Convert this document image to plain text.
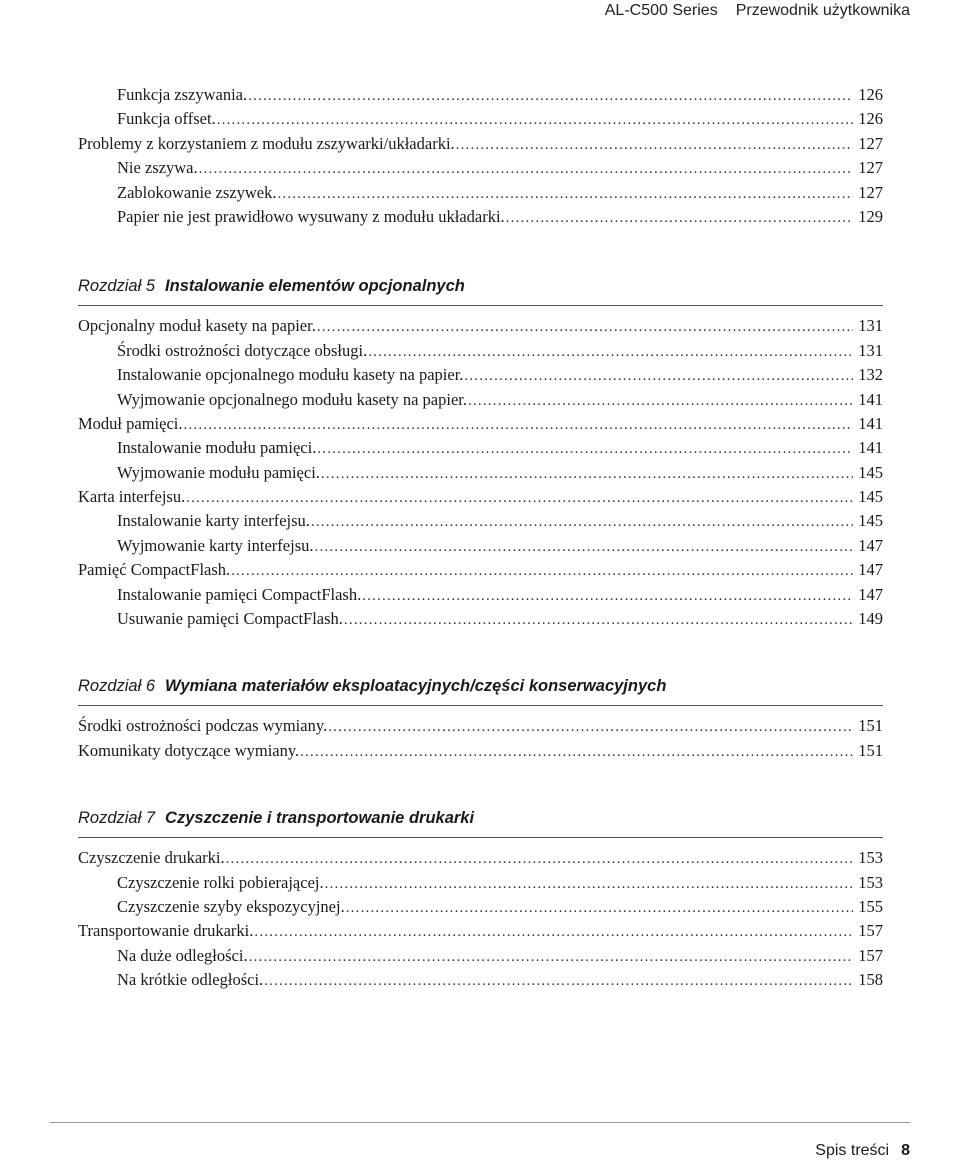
AL-C500 Series Przewodnik użytkownika
Funkcja zszywania. .....	126
Funkcja offset. .....	126
Problemy z korzystaniem z modułu zszywarki/układarki. .....	127
Nie zszywa. .....	127
Zablokowanie zszywek. .....	127
Papier nie jest prawidłowo wysuwany z modułu układarki. .....	129
Rozdział 5 Instalowanie elementów opcjonalnych
Opcjonalny moduł kasety na papier. .....	131
Środki ostrożności dotyczące obsługi. .....	131
Instalowanie opcjonalnego modułu kasety na papier. .....	132
Wyjmowanie opcjonalnego modułu kasety na papier. .....	141
Moduł pamięci. .....	141
Instalowanie modułu pamięci. .....	141
Wyjmowanie modułu pamięci. .....	145
Karta interfejsu. .....	145
Instalowanie karty interfejsu. .....	145
Wyjmowanie karty interfejsu. .....	147
Pamięć CompactFlash. .....	147
Instalowanie pamięci CompactFlash. .....	147
Usuwanie pamięci CompactFlash. .....	149
Rozdział 6 Wymiana materiałów eksploatacyjnych/części konserwacyjnych
Środki ostrożności podczas wymiany. .....	151
Komunikaty dotyczące wymiany. .....	151
Rozdział 7 Czyszczenie i transportowanie drukarki
Czyszczenie drukarki. .....	153
Czyszczenie rolki pobierającej. .....	153
Czyszczenie szyby ekspozycyjnej. .....	155
Transportowanie drukarki. .....	157
Na duże odległości. .....	157
Na krótkie odległości. .....	158
Spis treści 8
